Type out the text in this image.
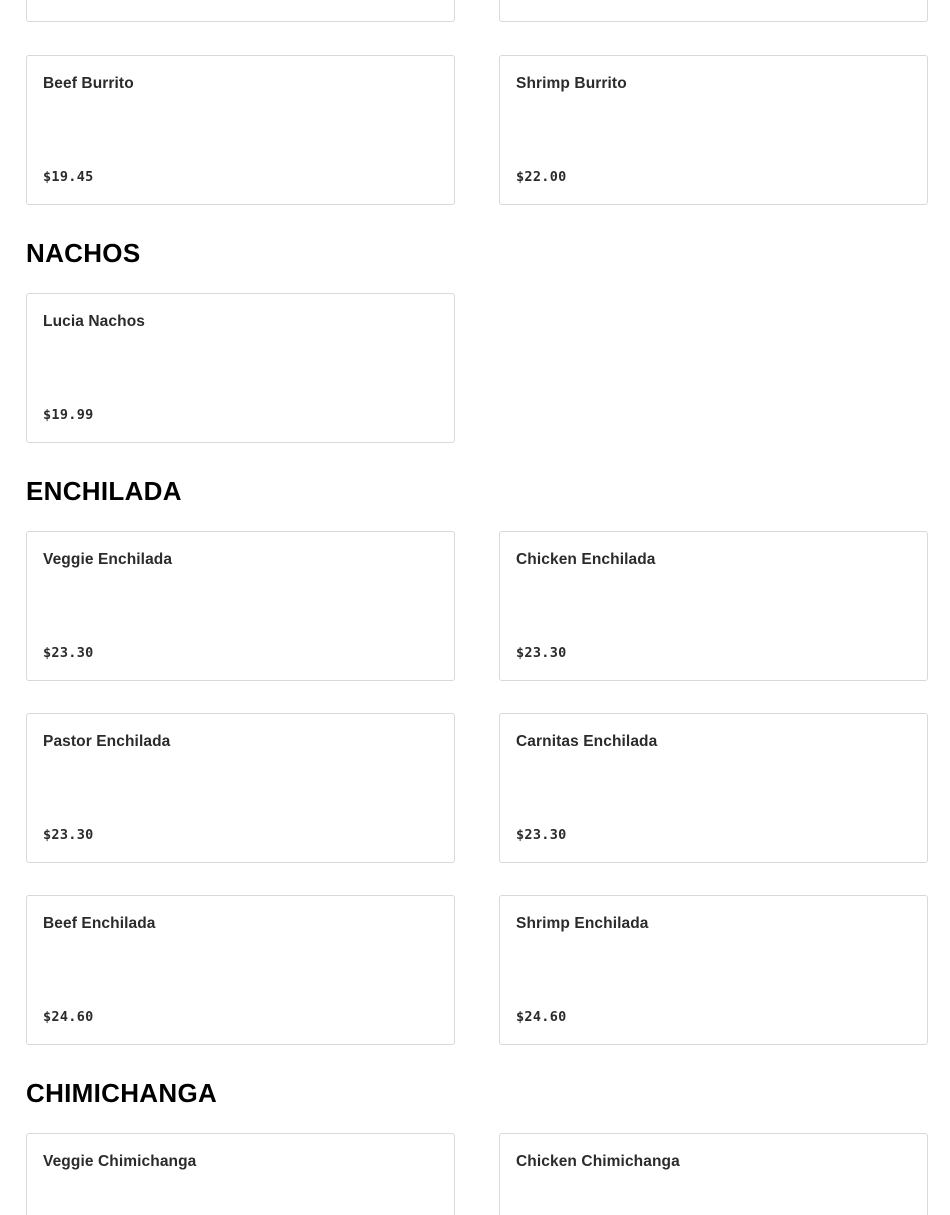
Beef Burrito
$19.45
Shrimp Burrito
$22.00
NACHOS
Lucia Nachos
$19.99
ENCHILADA
Veggie Enchilada
$23.30
Chicken Enchilada
$23.30
Pastor Enchilada
$23.30
Carnitas Enchilada
$23.30
Beef Enchilada
$24.60
Shrimp Enchilada
$24.60
CHIMICHANGA
Veggie Chimichanga	Chicken Chimichanga
